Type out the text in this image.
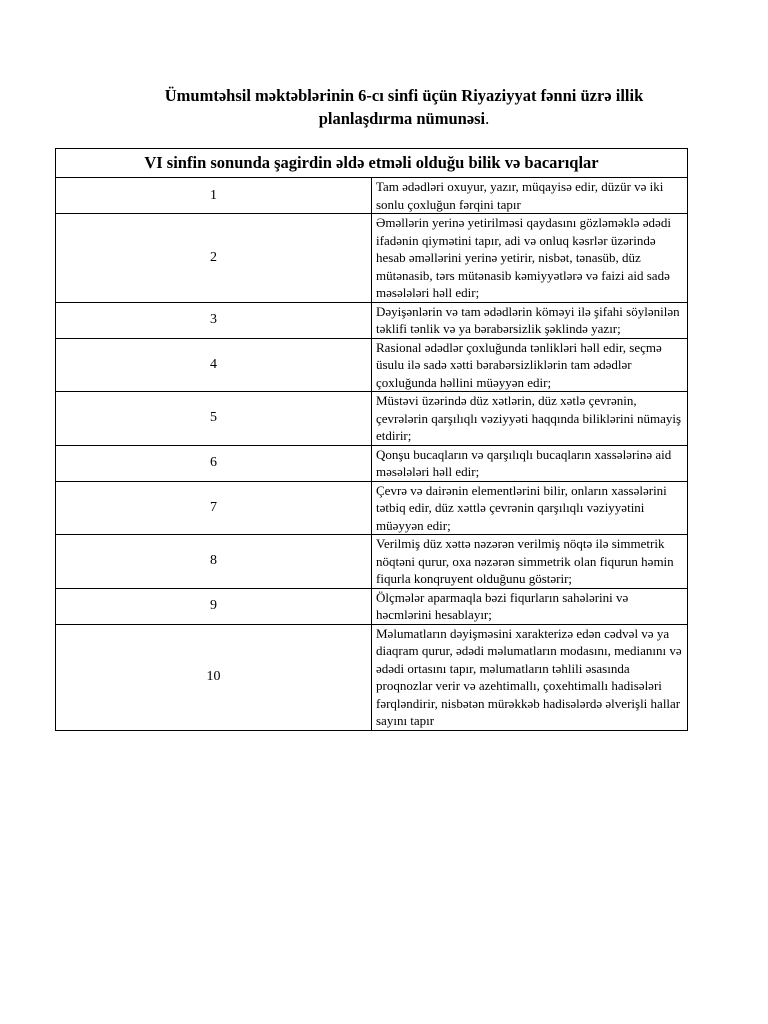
Ümumtəhsil məktəblərinin 6-cı sinfi üçün Riyaziyyat fənni üzrə illik
planlaşdırma nümunəsi.
VI sinfin sonunda şagirdin əldə etməli olduğu bilik və bacarıqlar	
1	Tam ədədləri oxuyur, yazır, müqayisə edir, düzür və iki sonlu çoxluğun fərqini tapır
2	Əməllərin yerinə yetirilməsi qaydasını gözləməklə ədədi ifadənin qiymətini tapır, adi və onluq kəsrlər üzərində hesab əməllərini yerinə yetirir, nisbət, tənasüb, düz mütənasib, tərs mütənasib kəmiyyətlərə və faizi aid sadə məsələləri həll edir;
3	Dəyişənlərin və tam ədədlərin köməyi ilə şifahi söylənilən təklifi tənlik və ya bərabərsizlik şəklində yazır;
4	Rasional ədədlər çoxluğunda tənlikləri həll edir, seçmə üsulu ilə sadə xətti bərabərsizliklərin tam ədədlər çoxluğunda həllini müəyyən edir;
5	Müstəvi üzərində düz xətlərin, düz xətlə çevrənin, çevrələrin qarşılıqlı vəziyyəti haqqında biliklərini nümayiş etdirir;
6	Qonşu bucaqların və qarşılıqlı bucaqların xassələrinə aid məsələləri həll edir;
7	Çevrə və dairənin elementlərini bilir, onların xassələrini tətbiq edir, düz xəttlə çevrənin qarşılıqlı vəziyyətini müəyyən edir;
8	Verilmiş düz xəttə nəzərən verilmiş nöqtə ilə simmetrik nöqtəni qurur, oxa nəzərən simmetrik olan fiqurun həmin fiqurla konqruyent olduğunu göstərir;
9	Ölçmələr aparmaqla bəzi fiqurların sahələrini və həcmlərini hesablayır;
10	Məlumatların dəyişməsini xarakterizə edən cədvəl və ya diaqram qurur, ədədi məlumatların modasını, medianını və ədədi ortasını tapır, məlumatların təhlili əsasında proqnozlar verir və azehtimallı, çoxehtimallı hadisələri fərqləndirir, nisbətən mürəkkəb hadisələrdə əlverişli hallar sayını tapır
